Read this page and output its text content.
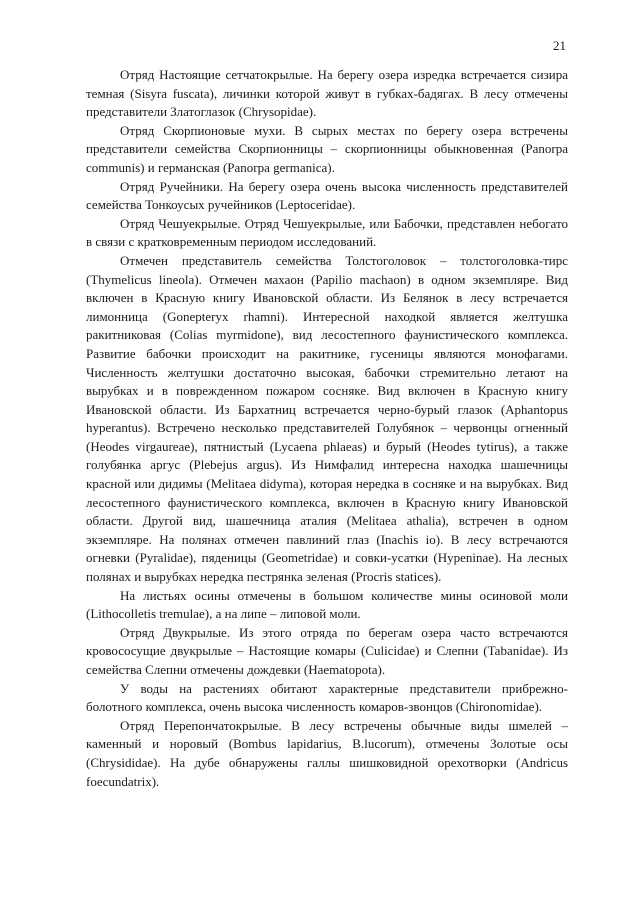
21

Отряд Настоящие сетчатокрылые. На берегу озера изредка встречается сизира темная (Sisyra fuscata), личинки которой живут в губках-бадягах. В лесу отмечены представители Златоглазок (Chrysopidae).

Отряд Скорпионовые мухи. В сырых местах по берегу озера встречены представители семейства Скорпионницы – скорпионницы обыкновенная (Panorpa communis) и германская (Panorpa germanica).

Отряд Ручейники. На берегу озера очень высока численность представителей семейства Тонкоусых ручейников (Leptoceridae).

Отряд Чешуекрылые. Отряд Чешуекрылые, или Бабочки, представлен небогато в связи с кратковременным периодом исследований.

Отмечен представитель семейства Толстоголовок – толстоголовка-тирс (Thymelicus lineola). Отмечен махаон (Papilio machaon) в одном экземпляре. Вид включен в Красную книгу Ивановской области. Из Белянок в лесу встречается лимонница (Gonepteryx rhamni). Интересной находкой является желтушка ракитниковая (Colias myrmidone), вид лесостепного фаунистического комплекса. Развитие бабочки происходит на ракитнике, гусеницы являются монофагами. Численность желтушки достаточно высокая, бабочки стремительно летают на вырубках и в поврежденном пожаром сосняке. Вид включен в Красную книгу Ивановской области. Из Бархатниц встречается черно-бурый глазок (Aphantopus hyperantus). Встречено несколько представителей Голубянок – червонцы огненный (Heodes virgaureae), пятнистый (Lycaena phlaeas) и бурый (Heodes tytirus), а также голубянка аргус (Plebejus argus). Из Нимфалид интересна находка шашечницы красной или дидимы (Melitaea didyma), которая нередка в сосняке и на вырубках. Вид лесостепного фаунистического комплекса, включен в Красную книгу Ивановской области. Другой вид, шашечница аталия (Melitaea athalia), встречен в одном экземпляре. На полянах отмечен павлиний глаз (Inachis io). В лесу встречаются огневки (Pyralidae), пяденицы (Geometridae) и совки-усатки (Hypeninae). На лесных полянах и вырубках нередка пестрянка зеленая (Procris statices).

На листьях осины отмечены в большом количестве мины осиновой моли (Lithocolletis tremulae), а на липе – липовой моли.

Отряд Двукрылые. Из этого отряда по берегам озера часто встречаются кровососущие двукрылые – Настоящие комары (Culicidae) и Слепни (Tabanidae). Из семейства Слепни отмечены дождевки (Haematopota).

У воды на растениях обитают характерные представители прибрежно-болотного комплекса, очень высока численность комаров-звонцов (Chironomidae).

Отряд Перепончатокрылые. В лесу встречены обычные виды шмелей – каменный и норовый (Bombus lapidarius, B.lucorum), отмечены Золотые осы (Chrysididae). На дубе обнаружены галлы шишковидной орехотворки (Andricus foecundatrix).
